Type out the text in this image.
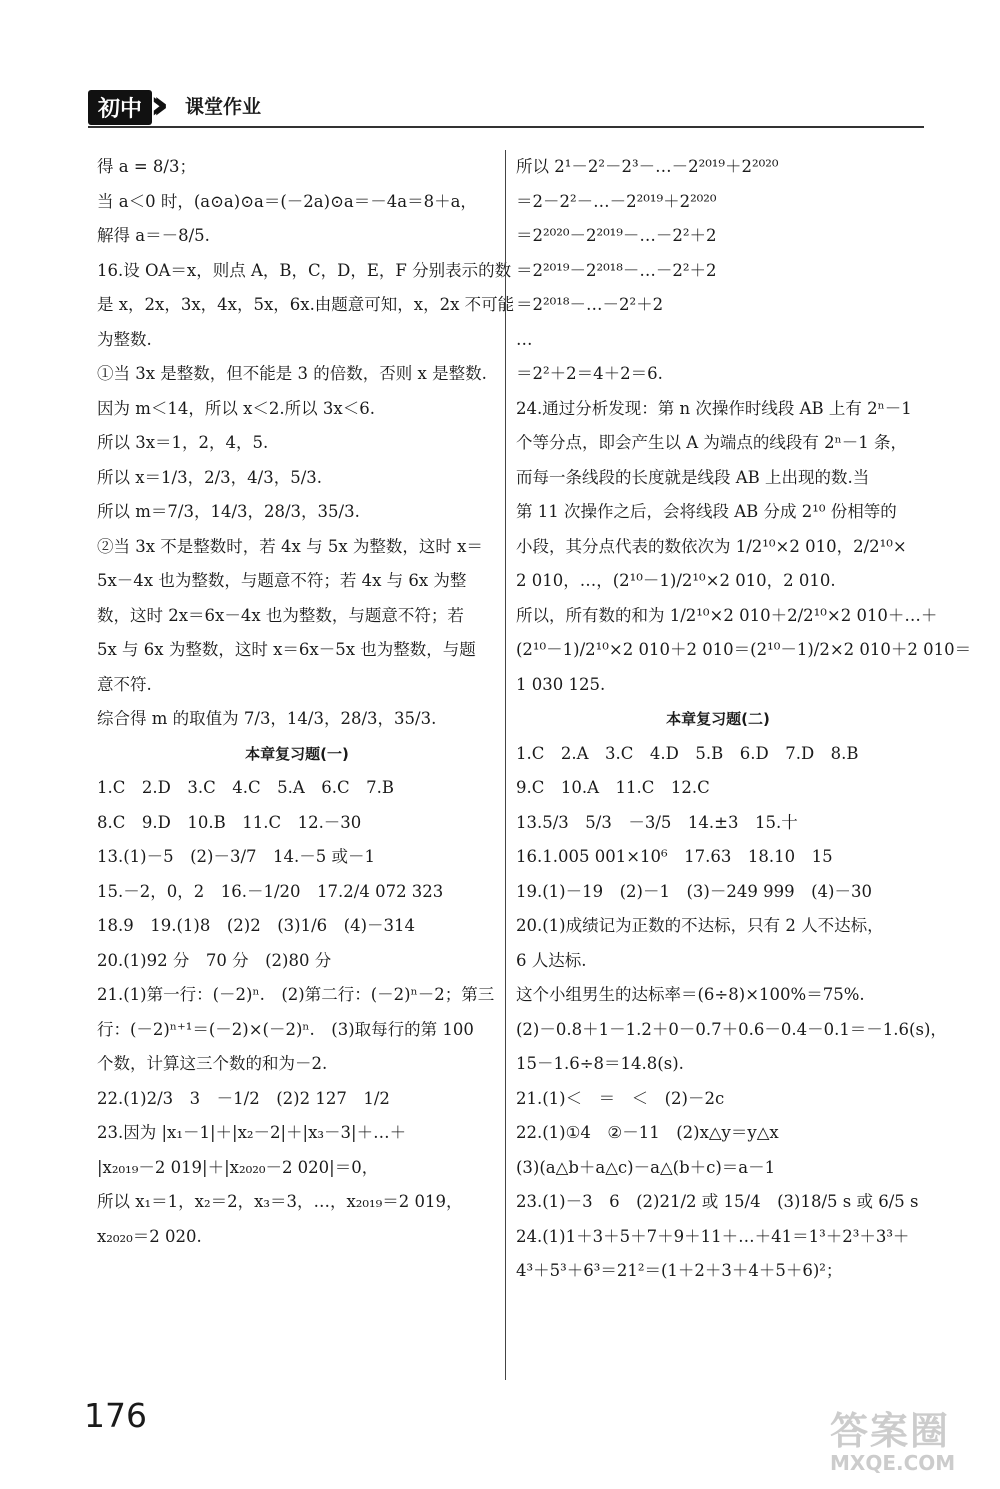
初中 ›› 课堂作业
得 a = 8/3；
当 a＜0 时，(a⊙a)⊙a＝(－2a)⊙a＝－4a＝8＋a，
解得 a＝－8/5.
16.设 OA＝x，则点 A，B，C，D，E，F 分别表示的数
是 x，2x，3x，4x，5x，6x.由题意可知，x，2x 不可能
为整数.
①当 3x 是整数，但不能是 3 的倍数，否则 x 是整数.
因为 m＜14，所以 x＜2.所以 3x＜6.
所以 3x＝1，2，4，5.
所以 x＝1/3，2/3，4/3，5/3.
所以 m＝7/3，14/3，28/3，35/3.
②当 3x 不是整数时，若 4x 与 5x 为整数，这时 x＝
5x－4x 也为整数，与题意不符；若 4x 与 6x 为整
数，这时 2x＝6x－4x 也为整数，与题意不符；若
5x 与 6x 为整数，这时 x＝6x－5x 也为整数，与题
意不符.
综合得 m 的取值为 7/3，14/3，28/3，35/3.
本章复习题(一)
1.C　2.D　3.C　4.C　5.A　6.C　7.B
8.C　9.D　10.B　11.C　12.－30
13.(1)－5　(2)－3/7　14.－5 或－1
15.－2，0，2　16.－1/20　17.2/4 072 323
18.9　19.(1)8　(2)2　(3)1/6　(4)－314
20.(1)92 分　70 分　(2)80 分
21.(1)第一行：(－2)ⁿ.　(2)第二行：(－2)ⁿ－2；第三
行：(－2)ⁿ⁺¹＝(－2)×(－2)ⁿ.　(3)取每行的第 100
个数，计算这三个数的和为－2.
22.(1)2/3　3　－1/2　(2)2 127　1/2
23.因为 |x₁－1|＋|x₂－2|＋|x₃－3|＋…＋
|x₂₀₁₉－2 019|＋|x₂₀₂₀－2 020|＝0，
所以 x₁＝1，x₂＝2，x₃＝3，…，x₂₀₁₉＝2 019，
x₂₀₂₀＝2 020.
所以 2¹－2²－2³－…－2²⁰¹⁹＋2²⁰²⁰
＝2－2²－…－2²⁰¹⁹＋2²⁰²⁰
＝2²⁰²⁰－2²⁰¹⁹－…－2²＋2
＝2²⁰¹⁹－2²⁰¹⁸－…－2²＋2
＝2²⁰¹⁸－…－2²＋2
…
＝2²＋2＝4＋2＝6.
24.通过分析发现：第 n 次操作时线段 AB 上有 2ⁿ－1
个等分点，即会产生以 A 为端点的线段有 2ⁿ－1 条，
而每一条线段的长度就是线段 AB 上出现的数.当
第 11 次操作之后，会将线段 AB 分成 2¹⁰ 份相等的
小段，其分点代表的数依次为 1/2¹⁰×2 010，2/2¹⁰×
2 010，…，(2¹⁰－1)/2¹⁰×2 010，2 010.
所以，所有数的和为 1/2¹⁰×2 010＋2/2¹⁰×2 010＋…＋
(2¹⁰－1)/2¹⁰×2 010＋2 010＝(2¹⁰－1)/2×2 010＋2 010＝
1 030 125.
本章复习题(二)
1.C　2.A　3.C　4.D　5.B　6.D　7.D　8.B
9.C　10.A　11.C　12.C
13.5/3　5/3　－3/5　14.±3　15.十
16.1.005 001×10⁶　17.63　18.10　15
19.(1)－19　(2)－1　(3)－249 999　(4)－30
20.(1)成绩记为正数的不达标，只有 2 人不达标，
6 人达标.
这个小组男生的达标率＝(6÷8)×100%＝75%.
(2)－0.8＋1－1.2＋0－0.7＋0.6－0.4－0.1＝－1.6(s)，
15－1.6÷8＝14.8(s).
21.(1)＜　＝　＜　(2)－2c
22.(1)①4　②－11　(2)x△y＝y△x
(3)(a△b＋a△c)－a△(b＋c)＝a－1
23.(1)－3　6　(2)21/2 或 15/4　(3)18/5 s 或 6/5 s
24.(1)1＋3＋5＋7＋9＋11＋…＋41＝1³＋2³＋3³＋
4³＋5³＋6³＝21²＝(1＋2＋3＋4＋5＋6)²；
176	答案圈
MXQE.COM
